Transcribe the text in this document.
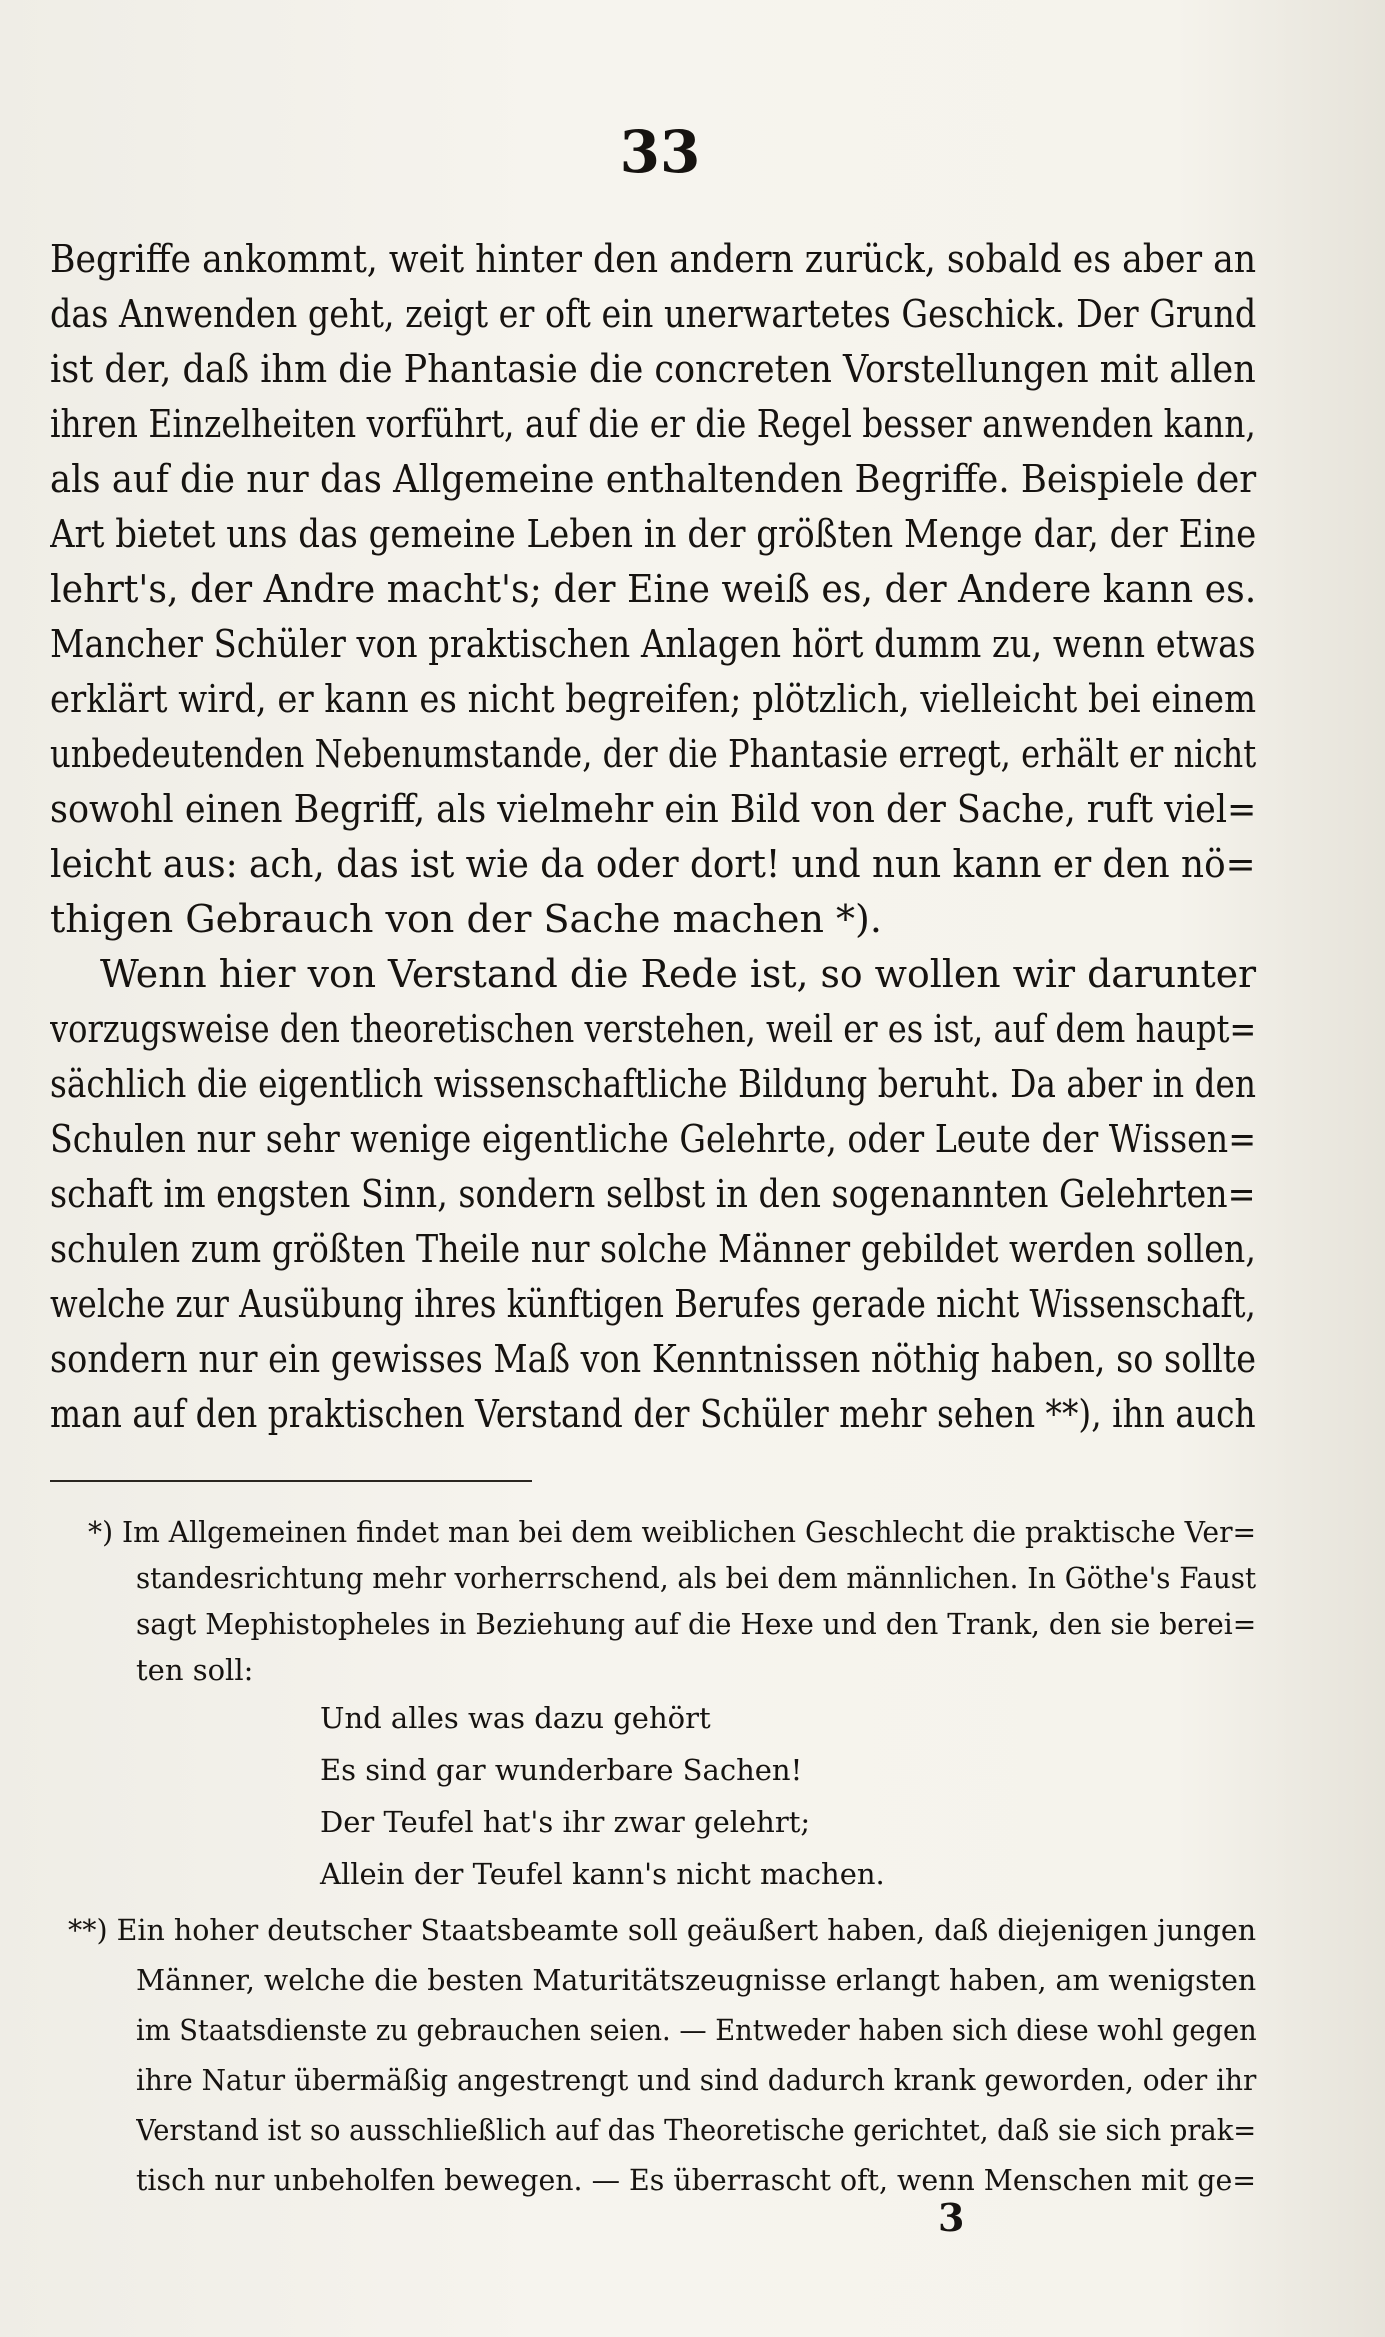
33
Begriffe ankommt, weit hinter den andern zurück, sobald es aber an
das Anwenden geht, zeigt er oft ein unerwartetes Geschick. Der Grund
ist der, daß ihm die Phantasie die concreten Vorstellungen mit allen
ihren Einzelheiten vorführt, auf die er die Regel besser anwenden kann,
als auf die nur das Allgemeine enthaltenden Begriffe. Beispiele der
Art bietet uns das gemeine Leben in der größten Menge dar, der Eine
lehrt's, der Andre macht's; der Eine weiß es, der Andere kann es.
Mancher Schüler von praktischen Anlagen hört dumm zu, wenn etwas
erklärt wird, er kann es nicht begreifen; plötzlich, vielleicht bei einem
unbedeutenden Nebenumstande, der die Phantasie erregt, erhält er nicht
sowohl einen Begriff, als vielmehr ein Bild von der Sache, ruft viel=
leicht aus: ach, das ist wie da oder dort! und nun kann er den nö=
thigen Gebrauch von der Sache machen *).
Wenn hier von Verstand die Rede ist, so wollen wir darunter
vorzugsweise den theoretischen verstehen, weil er es ist, auf dem haupt=
sächlich die eigentlich wissenschaftliche Bildung beruht. Da aber in den
Schulen nur sehr wenige eigentliche Gelehrte, oder Leute der Wissen=
schaft im engsten Sinn, sondern selbst in den sogenannten Gelehrten=
schulen zum größten Theile nur solche Männer gebildet werden sollen,
welche zur Ausübung ihres künftigen Berufes gerade nicht Wissenschaft,
sondern nur ein gewisses Maß von Kenntnissen nöthig haben, so sollte
man auf den praktischen Verstand der Schüler mehr sehen **), ihn auch
*) Im Allgemeinen findet man bei dem weiblichen Geschlecht die praktische Ver=
standesrichtung mehr vorherrschend, als bei dem männlichen. In Göthe's Faust
sagt Mephistopheles in Beziehung auf die Hexe und den Trank, den sie berei=
ten soll:
Und alles was dazu gehört
Es sind gar wunderbare Sachen!
Der Teufel hat's ihr zwar gelehrt;
Allein der Teufel kann's nicht machen.
**) Ein hoher deutscher Staatsbeamte soll geäußert haben, daß diejenigen jungen
Männer, welche die besten Maturitätszeugnisse erlangt haben, am wenigsten
im Staatsdienste zu gebrauchen seien. — Entweder haben sich diese wohl gegen
ihre Natur übermäßig angestrengt und sind dadurch krank geworden, oder ihr
Verstand ist so ausschließlich auf das Theoretische gerichtet, daß sie sich prak=
tisch nur unbeholfen bewegen. — Es überrascht oft, wenn Menschen mit ge=
3
